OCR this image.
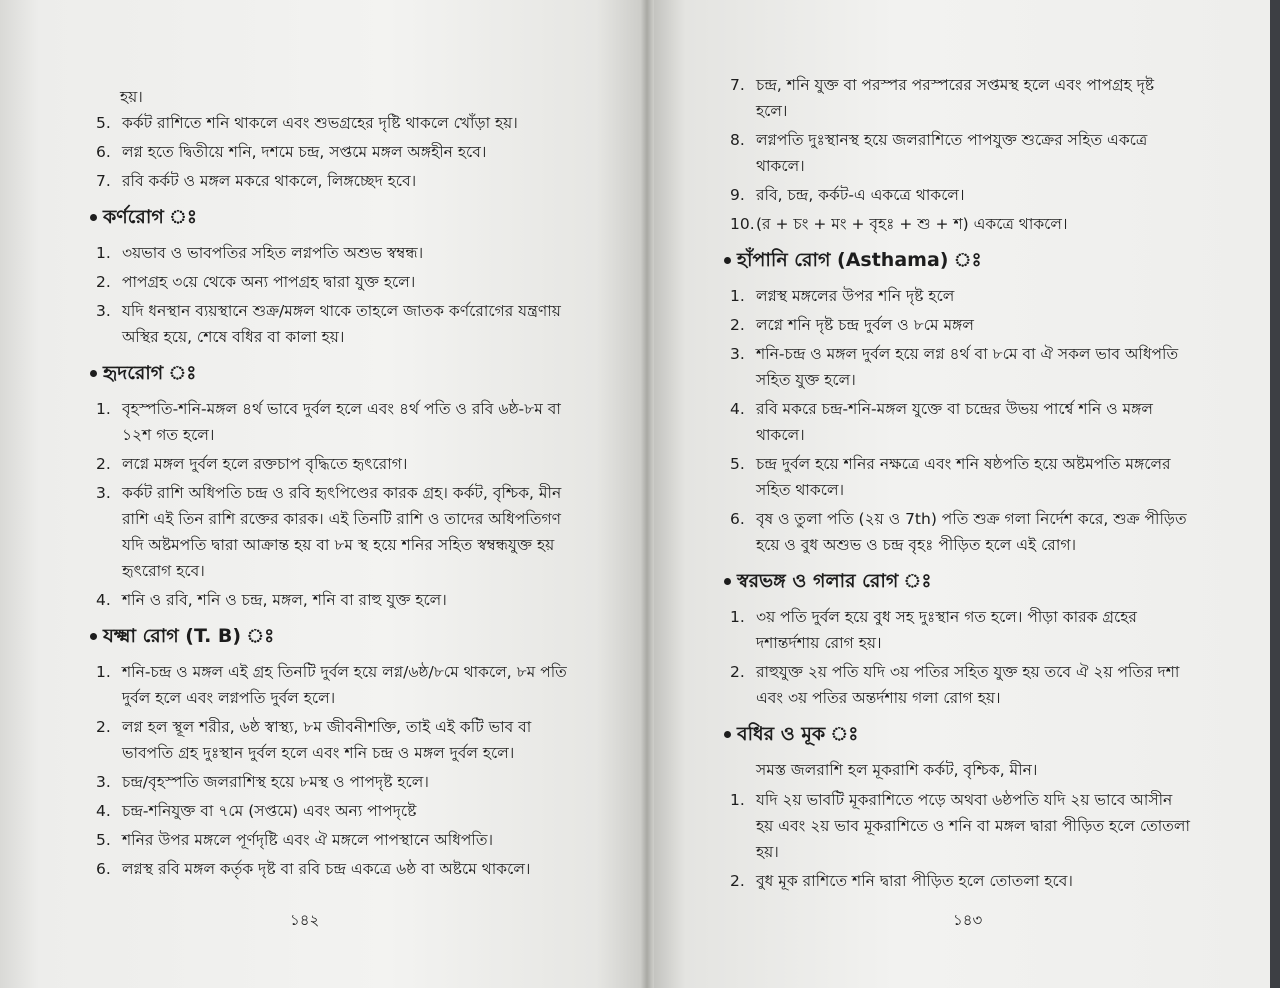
হয়।
5. কর্কট রাশিতে শনি থাকলে এবং শুভগ্রহের দৃষ্টি থাকলে খোঁড়া হয়।
6. লগ্ন হতে দ্বিতীয়ে শনি, দশমে চন্দ্র, সপ্তমে মঙ্গল অঙ্গহীন হবে।
7. রবি কর্কট ও মঙ্গল মকরে থাকলে, লিঙ্গচ্ছেদ হবে।
কর্ণরোগ ঃ
1. ৩য়ভাব ও ভাবপতির সহিত লগ্নপতি অশুভ স্বম্বন্ধ।
2. পাপগ্রহ ৩য়ে থেকে অন্য পাপগ্রহ দ্বারা যুক্ত হলে।
3. যদি ধনস্থান ব্যয়স্থানে শুক্র/মঙ্গল থাকে তাহলে জাতক কর্ণরোগের যন্ত্রণায় অস্থির হয়ে, শেষে বধির বা কালা হয়।
হৃদরোগ ঃ
1. বৃহস্পতি-শনি-মঙ্গল ৪র্থ ভাবে দুর্বল হলে এবং ৪র্থ পতি ও রবি ৬ষ্ঠ-৮ম বা ১২শ গত হলে।
2. লগ্নে মঙ্গল দুর্বল হলে রক্তচাপ বৃদ্ধিতে হৃৎরোগ।
3. কর্কট রাশি অধিপতি চন্দ্র ও রবি হৃৎপিণ্ডের কারক গ্রহ। কর্কট, বৃশ্চিক, মীন রাশি এই তিন রাশি রক্তের কারক। এই তিনটি রাশি ও তাদের অধিপতিগণ যদি অষ্টমপতি দ্বারা আক্রান্ত হয় বা ৮ম স্থ হয়ে শনির সহিত স্বম্বন্ধযুক্ত হয় হৃৎরোগ হবে।
4. শনি ও রবি, শনি ও চন্দ্র, মঙ্গল, শনি বা রাহু যুক্ত হলে।
যক্ষ্মা রোগ (T. B) ঃ
1. শনি-চন্দ্র ও মঙ্গল এই গ্রহ তিনটি দুর্বল হয়ে লগ্ন/৬ষ্ঠ/৮মে থাকলে, ৮ম পতি দুর্বল হলে এবং লগ্নপতি দুর্বল হলে।
2. লগ্ন হল স্থূল শরীর, ৬ষ্ঠ স্বাস্থ্য, ৮ম জীবনীশক্তি, তাই এই কটি ভাব বা ভাবপতি গ্রহ দুঃস্থান দুর্বল হলে এবং শনি চন্দ্র ও মঙ্গল দুর্বল হলে।
3. চন্দ্র/বৃহস্পতি জলরাশিস্থ হয়ে ৮মস্থ ও পাপদৃষ্ট হলে।
4. চন্দ্র-শনিযুক্ত বা ৭মে (সপ্তমে) এবং অন্য পাপদৃষ্টে
5. শনির উপর মঙ্গলে পূর্ণদৃষ্টি এবং ঐ মঙ্গলে পাপস্থানে অধিপতি।
6. লগ্নস্থ রবি মঙ্গল কর্তৃক দৃষ্ট বা রবি চন্দ্র একত্রে ৬ষ্ঠ বা অষ্টমে থাকলে।
১৪২
7. চন্দ্র, শনি যুক্ত বা পরস্পর পরস্পরের সপ্তমস্থ হলে এবং পাপগ্রহ দৃষ্ট হলে।
8. লগ্নপতি দুঃস্থানস্থ হয়ে জলরাশিতে পাপযুক্ত শুক্রের সহিত একত্রে থাকলে।
9. রবি, চন্দ্র, কর্কট-এ একত্রে থাকলে।
10. (র + চং + মং + বৃহঃ + শু + শ) একত্রে থাকলে।
হাঁপানি রোগ (Asthama) ঃ
1. লগ্নস্থ মঙ্গলের উপর শনি দৃষ্ট হলে
2. লগ্নে শনি দৃষ্ট চন্দ্র দুর্বল ও ৮মে মঙ্গল
3. শনি-চন্দ্র ও মঙ্গল দুর্বল হয়ে লগ্ন ৪র্থ বা ৮মে বা ঐ সকল ভাব অধিপতি সহিত যুক্ত হলে।
4. রবি মকরে চন্দ্র-শনি-মঙ্গল যুক্তে বা চন্দ্রের উভয় পার্শ্বে শনি ও মঙ্গল থাকলে।
5. চন্দ্র দুর্বল হয়ে শনির নক্ষত্রে এবং শনি ষষ্ঠপতি হয়ে অষ্টমপতি মঙ্গলের সহিত থাকলে।
6. বৃষ ও তুলা পতি (২য় ও 7th) পতি শুক্র গলা নির্দেশ করে, শুক্র পীড়িত হয়ে ও বুধ অশুভ ও চন্দ্র বৃহঃ পীড়িত হলে এই রোগ।
স্বরভঙ্গ ও গলার রোগ ঃ
1. ৩য় পতি দুর্বল হয়ে বুধ সহ দুঃস্থান গত হলে। পীড়া কারক গ্রহের দশান্তর্দশায় রোগ হয়।
2. রাহুযুক্ত ২য় পতি যদি ৩য় পতির সহিত যুক্ত হয় তবে ঐ ২য় পতির দশা এবং ৩য় পতির অন্তর্দশায় গলা রোগ হয়।
বধির ও মূক ঃ
সমস্ত জলরাশি হল মূকরাশি কর্কট, বৃশ্চিক, মীন।
1. যদি ২য় ভাবটি মূকরাশিতে পড়ে অথবা ৬ষ্ঠপতি যদি ২য় ভাবে আসীন হয় এবং ২য় ভাব মূকরাশিতে ও শনি বা মঙ্গল দ্বারা পীড়িত হলে তোতলা হয়।
2. বুধ মূক রাশিতে শনি দ্বারা পীড়িত হলে তোতলা হবে।
১৪৩
